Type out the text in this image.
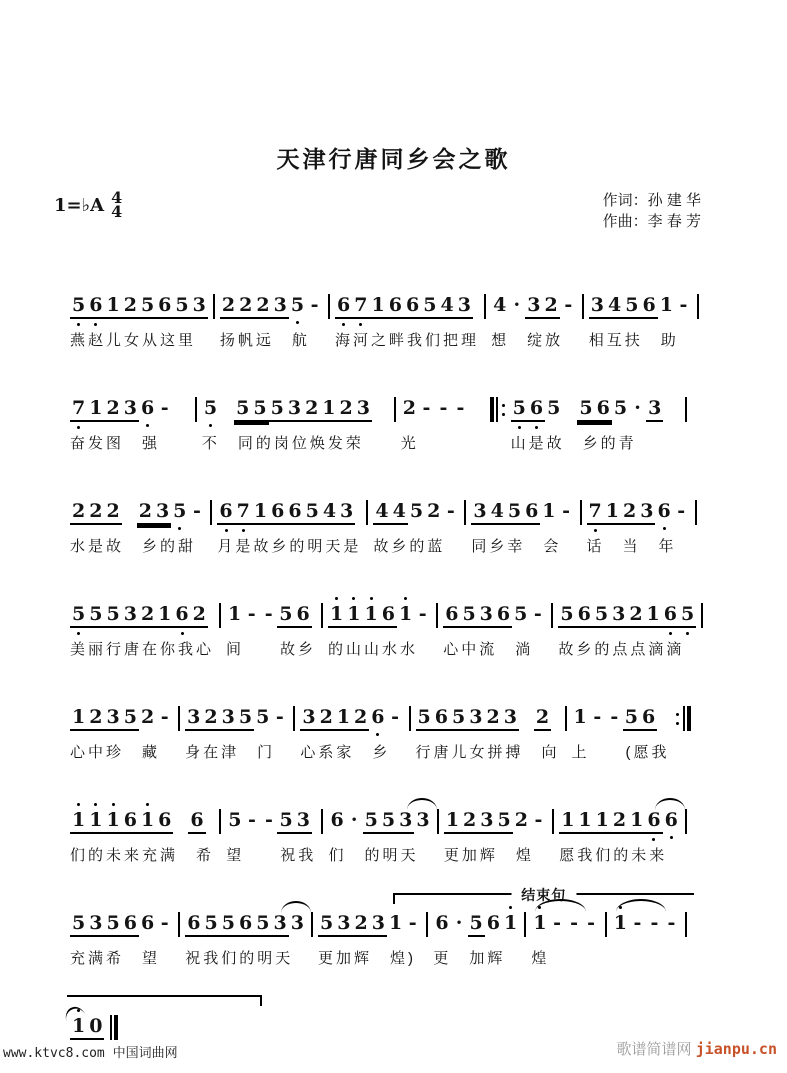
天津行唐同乡会之歌
1=♭A 4
4
作词：孙 建 华
作曲：李 春 芳
5 6 1 2 5 6 5 3
燕赵儿女从这里
2 2 2 3 5 -
扬帆远　航
6 7 1 6 6 5 4 3
海河之畔我们把理
4 · 3 2 -
想　绽放
3 4 5 6 1 -
相互扶　助
7 1 2 3 6 -
奋发图　强
5 5 5 5 3 2 1 2 3
不　同的岗位焕发荣
2 - - -
光
5 6 5 5 6 5 · 3
山是故　乡的青
2 2 2 2 3 5 -
水是故　乡的甜
6 7 1 6 6 5 4 3
月是故乡的明天是
4 4 5 2 -
故乡的蓝
3 4 5 6 1 -
同乡幸　会
7 1 2 3 6 -
话　当　年
5 5 5 3 2 1 6 2
美丽行唐在你我心
1 - - 5 6
间　　故乡
1 1 1 6 1 -
的山山水水
6 5 3 6 5 -
心中流　淌
5 6 5 3 2 1 6 5
故乡的点点滴滴
1 2 3 5 2 -
心中珍　藏
3 2 3 5 5 -
身在津　门
3 2 1 2 6 -
心系家　乡
5 6 5 3 2 3 2
行唐儿女拼搏　向
1 - - 5 6
上　　(愿我
1 1 1 6 1 6 6
们的未来充满　希
5 - - 5 3
望　　祝我
6 · 5 5 3 3
们　的明天
1 2 3 5 2 -
更加辉　煌
1 1 1 2 1 6 6
愿我们的未来
结束句
5 3 5 6 6 -
充满希　望
6 5 5 6 5 3 3
祝我们的明天
5 3 2 3 1 -
更加辉　煌)
6 · 5 6 1
更　加辉
1 - - -
煌
1 - - -
1 0
www.ktvc8.com 中国词曲网	歌谱简谱网 jianpu.cn
